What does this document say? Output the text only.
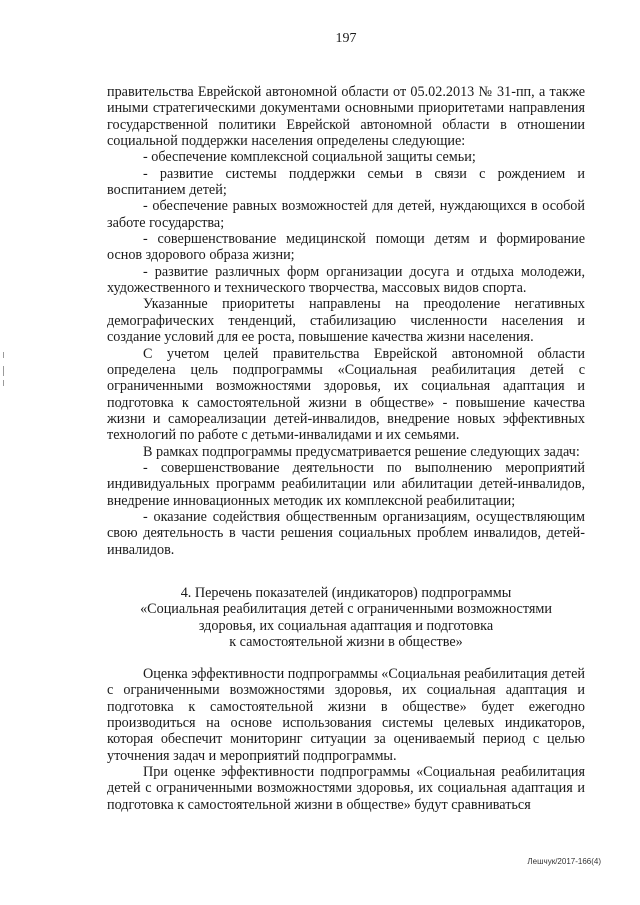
197

правительства Еврейской автономной области от 05.02.2013 № 31-пп, а также иными стратегическими документами основными приоритетами направления государственной политики Еврейской автономной области в отношении социальной поддержки населения определены следующие:

- обеспечение комплексной социальной защиты семьи;

- развитие системы поддержки семьи в связи с рождением и воспитанием детей;

- обеспечение равных возможностей для детей, нуждающихся в особой заботе государства;

- совершенствование медицинской помощи детям и формирование основ здорового образа жизни;

- развитие различных форм организации досуга и отдыха молодежи, художественного и технического творчества, массовых видов спорта.

Указанные приоритеты направлены на преодоление негативных демографических тенденций, стабилизацию численности населения и создание условий для ее роста, повышение качества жизни населения.

С учетом целей правительства Еврейской автономной области определена цель подпрограммы «Социальная реабилитация детей с ограниченными возможностями здоровья, их социальная адаптация и подготовка к самостоятельной жизни в обществе» - повышение качества жизни и самореализации детей-инвалидов, внедрение новых эффективных технологий по работе с детьми-инвалидами и их семьями.

В рамках подпрограммы предусматривается решение следующих задач:

- совершенствование деятельности по выполнению мероприятий индивидуальных программ реабилитации или абилитации детей-инвалидов, внедрение инновационных методик их комплексной реабилитации;

- оказание содействия общественным организациям, осуществляющим свою деятельность в части решения социальных проблем инвалидов, детей-инвалидов.

4. Перечень показателей (индикаторов) подпрограммы
«Социальная реабилитация детей с ограниченными возможностями
здоровья, их социальная адаптация и подготовка
к самостоятельной жизни в обществе»

Оценка эффективности подпрограммы «Социальная реабилитация детей с ограниченными возможностями здоровья, их социальная адаптация и подготовка к самостоятельной жизни в обществе» будет ежегодно производиться на основе использования системы целевых индикаторов, которая обеспечит мониторинг ситуации за оцениваемый период с целью уточнения задач и мероприятий подпрограммы.

При оценке эффективности подпрограммы «Социальная реабилитация детей с ограниченными возможностями здоровья, их социальная адаптация и подготовка к самостоятельной жизни в обществе» будут сравниваться

Лешчук/2017-166(4)
